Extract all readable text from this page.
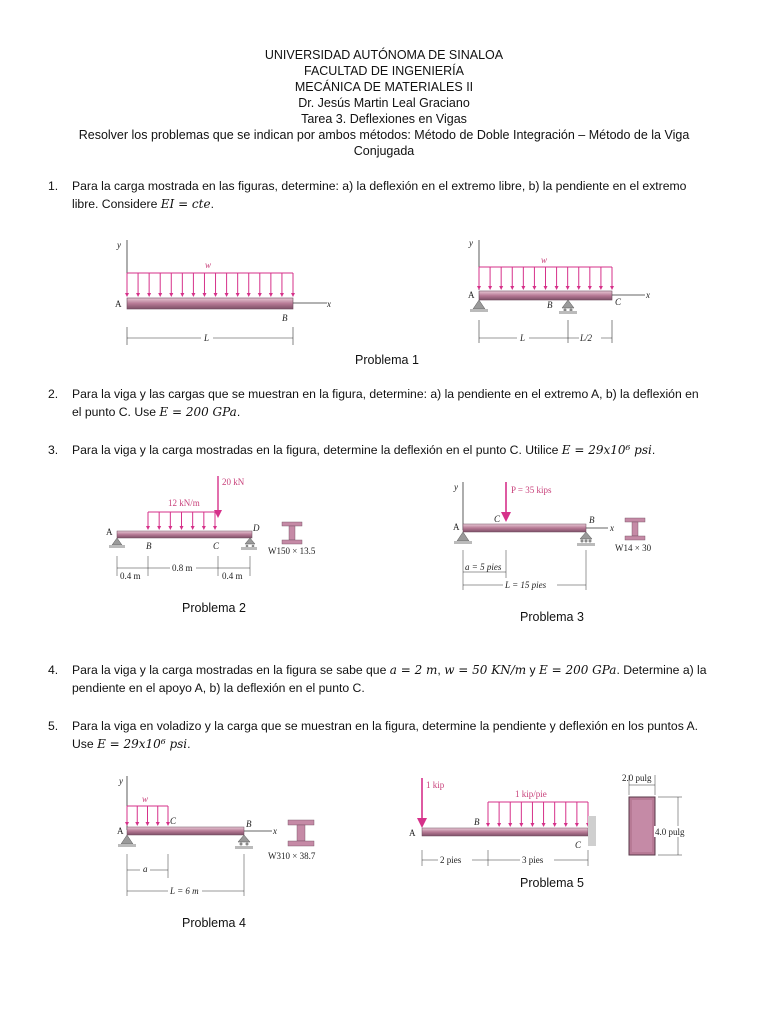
UNIVERSIDAD AUTÓNOMA DE SINALOA
FACULTAD DE INGENIERÍA
MECÁNICA DE MATERIALES II
Dr. Jesús Martin Leal Graciano
Tarea 3. Deflexiones en Vigas
Resolver los problemas que se indican por ambos métodos: Método de Doble Integración – Método de la Viga
Conjugada
1. Para la carga mostrada en las figuras, determine: a) la deflexión en el extremo libre, b) la pendiente en el extremo
libre. Considere EI = cte.
y
w
x
A
B
L
y
w
x
A
B	C
L	L/2
Problema 1
2. Para la viga y las cargas que se muestran en la figura, determine: a) la pendiente en el extremo A, b) la deflexión en
el punto C. Use E = 200 GPa.
3. Para la viga y la carga mostradas en la figura, determine la deflexión en el punto C. Utilice E = 29x10⁶ psi.
20 kN
12 kN/m
A
B	C
D
0.4 m
0.8 m
0.4 m
W150 × 13.5
Problema 2
y	P = 35 kips
x
A
B
C
a = 5 pies
L = 15 pies
W14 × 30
Problema 3
4. Para la viga y la carga mostradas en la figura se sabe que a = 2 m, w = 50 KN/m y E = 200 GPa. Determine a) la
pendiente en el apoyo A, b) la deflexión en el punto C.
5. Para la viga en voladizo y la carga que se muestran en la figura, determine la pendiente y deflexión en los puntos A.
Use E = 29x10⁶ psi.
y
w
x
A
B
C
a
L = 6 m
W310 × 38.7
Problema 4
1 kip
1 kip/pie
A
B
C
2 pies	3 pies
2.0 pulg
4.0 pulg
Problema 5
